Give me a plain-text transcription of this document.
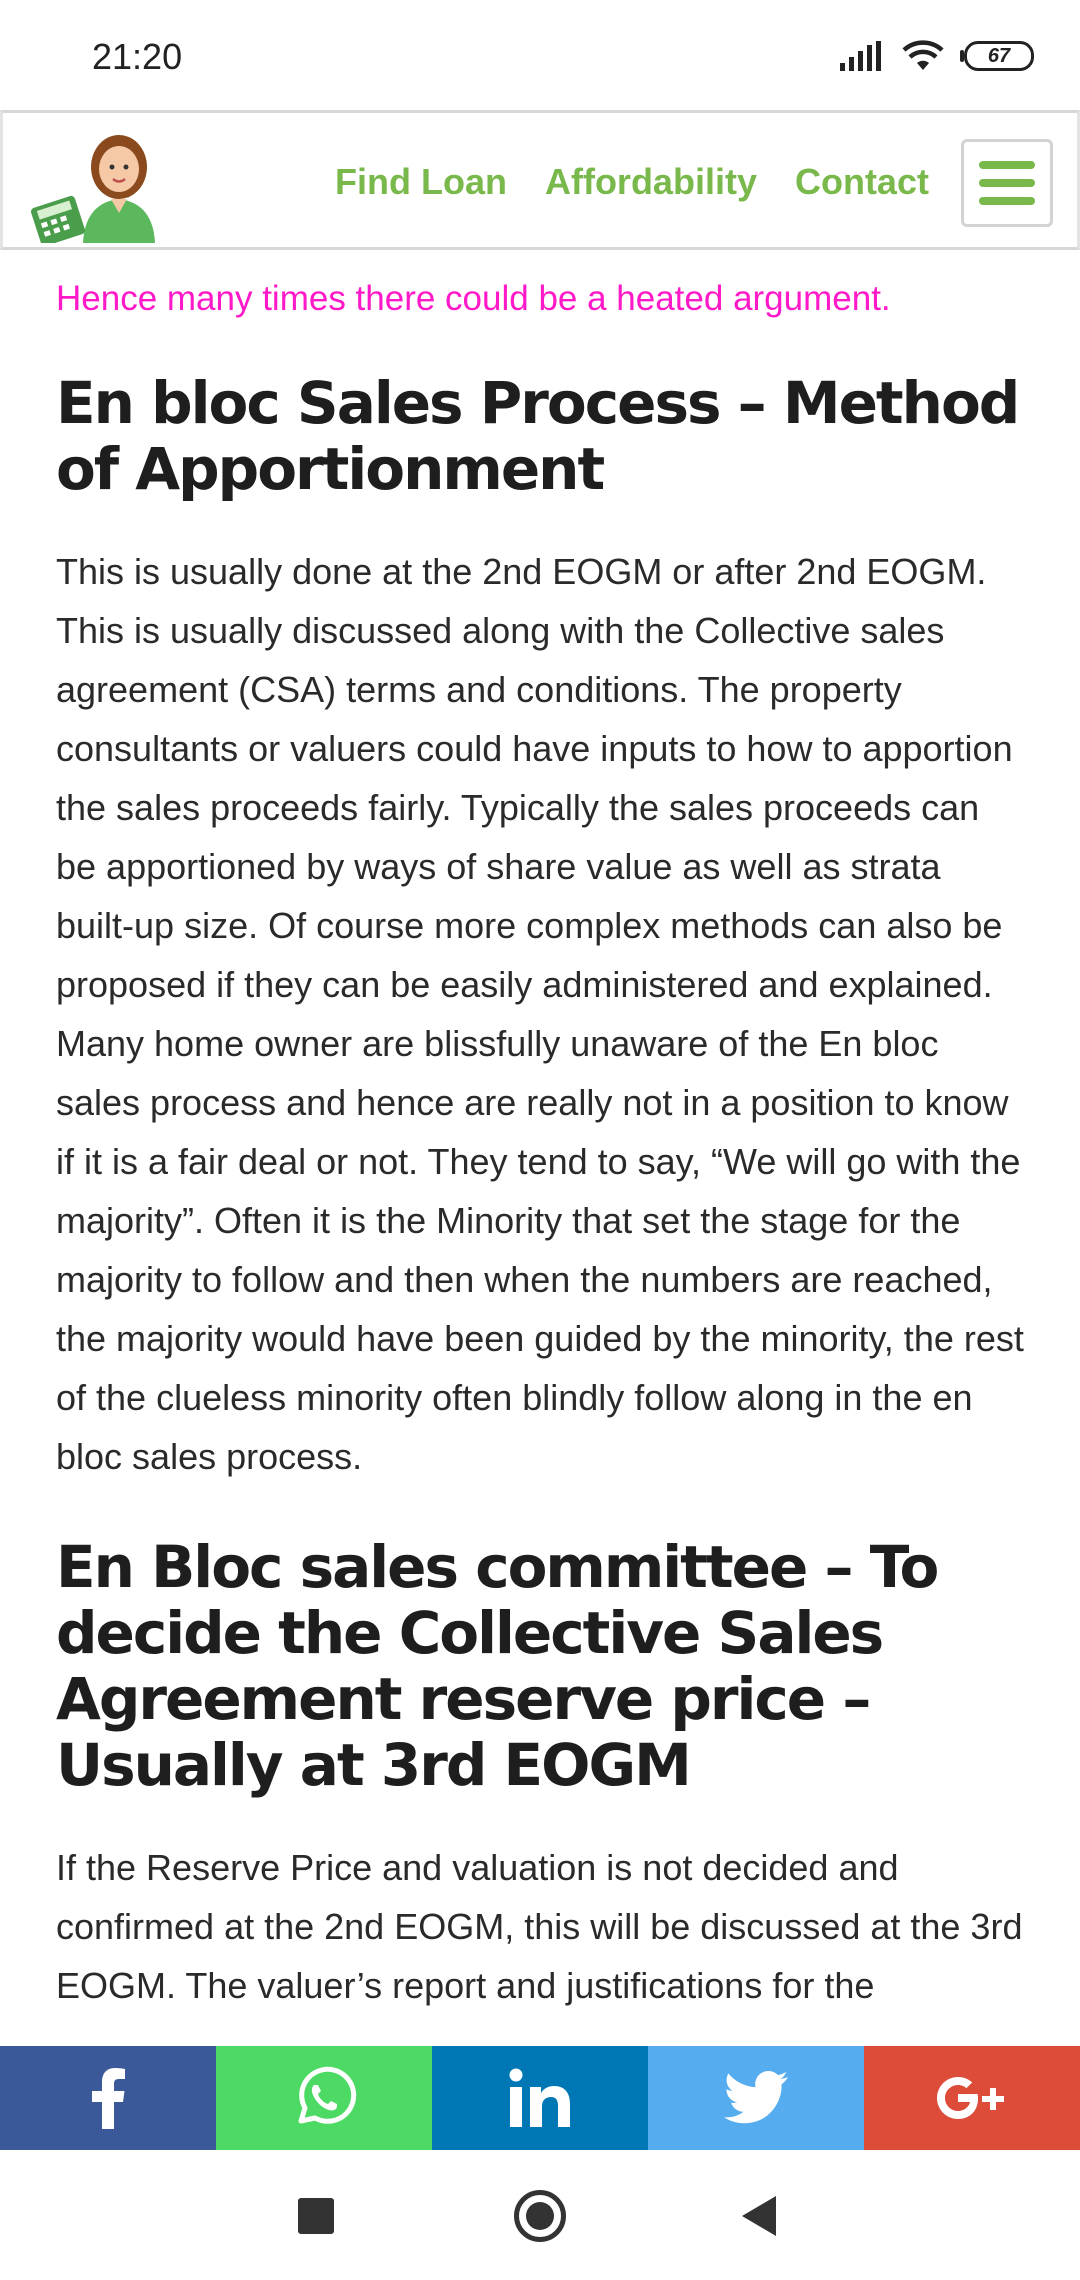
21:20	67
Hence many times there could be a heated argument.
En bloc Sales Process – Method of Apportionment

This is usually done at the 2nd EOGM or after 2nd EOGM. This is usually discussed along with the Collective sales agreement (CSA) terms and conditions. The property consultants or valuers could have inputs to how to apportion the sales proceeds fairly. Typically the sales proceeds can be apportioned by ways of share value as well as strata built-up size. Of course more complex methods can also be proposed if they can be easily administered and explained. Many home owner are blissfully unaware of the En bloc sales process and hence are really not in a position to know if it is a fair deal or not. They tend to say, “We will go with the majority”. Often it is the Minority that set the stage for the majority to follow and then when the numbers are reached, the majority would have been guided by the minority, the rest of the clueless minority often blindly follow along in the en bloc sales process.

En Bloc sales committee – To decide the Collective Sales Agreement reserve price – Usually at 3rd EOGM

If the Reserve Price and valuation is not decided and confirmed at the 2nd EOGM, this will be discussed at the 3rd EOGM. The valuer’s report and justifications for the

Find Loan Affordability Contact
